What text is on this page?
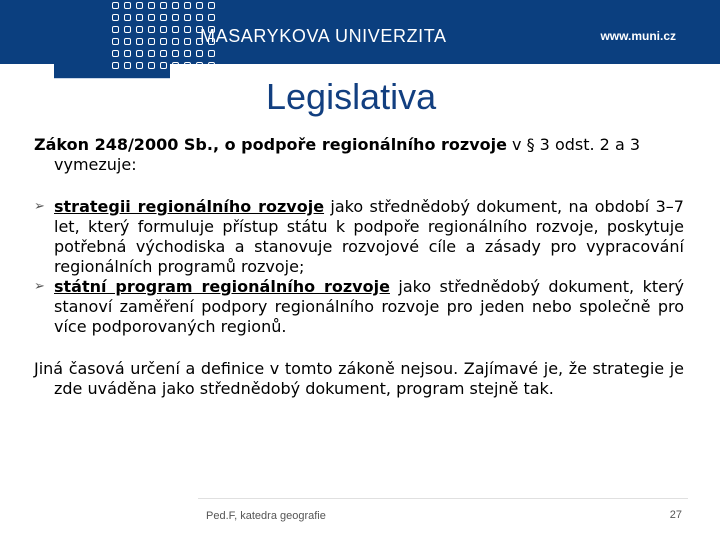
MASARYKOVA UNIVERZITA	www.muni.cz
Legislativa

Zákon 248/2000 Sb., o podpoře regionálního rozvoje v § 3 odst. 2 a 3 vymezuje:

➢ strategii regionálního rozvoje jako střednědobý dokument, na období 3–7 let, který formuluje přístup státu k podpoře regionálního rozvoje, poskytuje potřebná východiska a stanovuje rozvojové cíle a zásady pro vypracování regionálních programů rozvoje;
➢ státní program regionálního rozvoje jako střednědobý dokument, který stanoví zaměření podpory regionálního rozvoje pro jeden nebo společně pro více podporovaných regionů.

Jiná časová určení a definice v tomto zákoně nejsou. Zajímavé je, že strategie je zde uváděna jako střednědobý dokument, program stejně tak.

Ped.F, katedra geografie	27
